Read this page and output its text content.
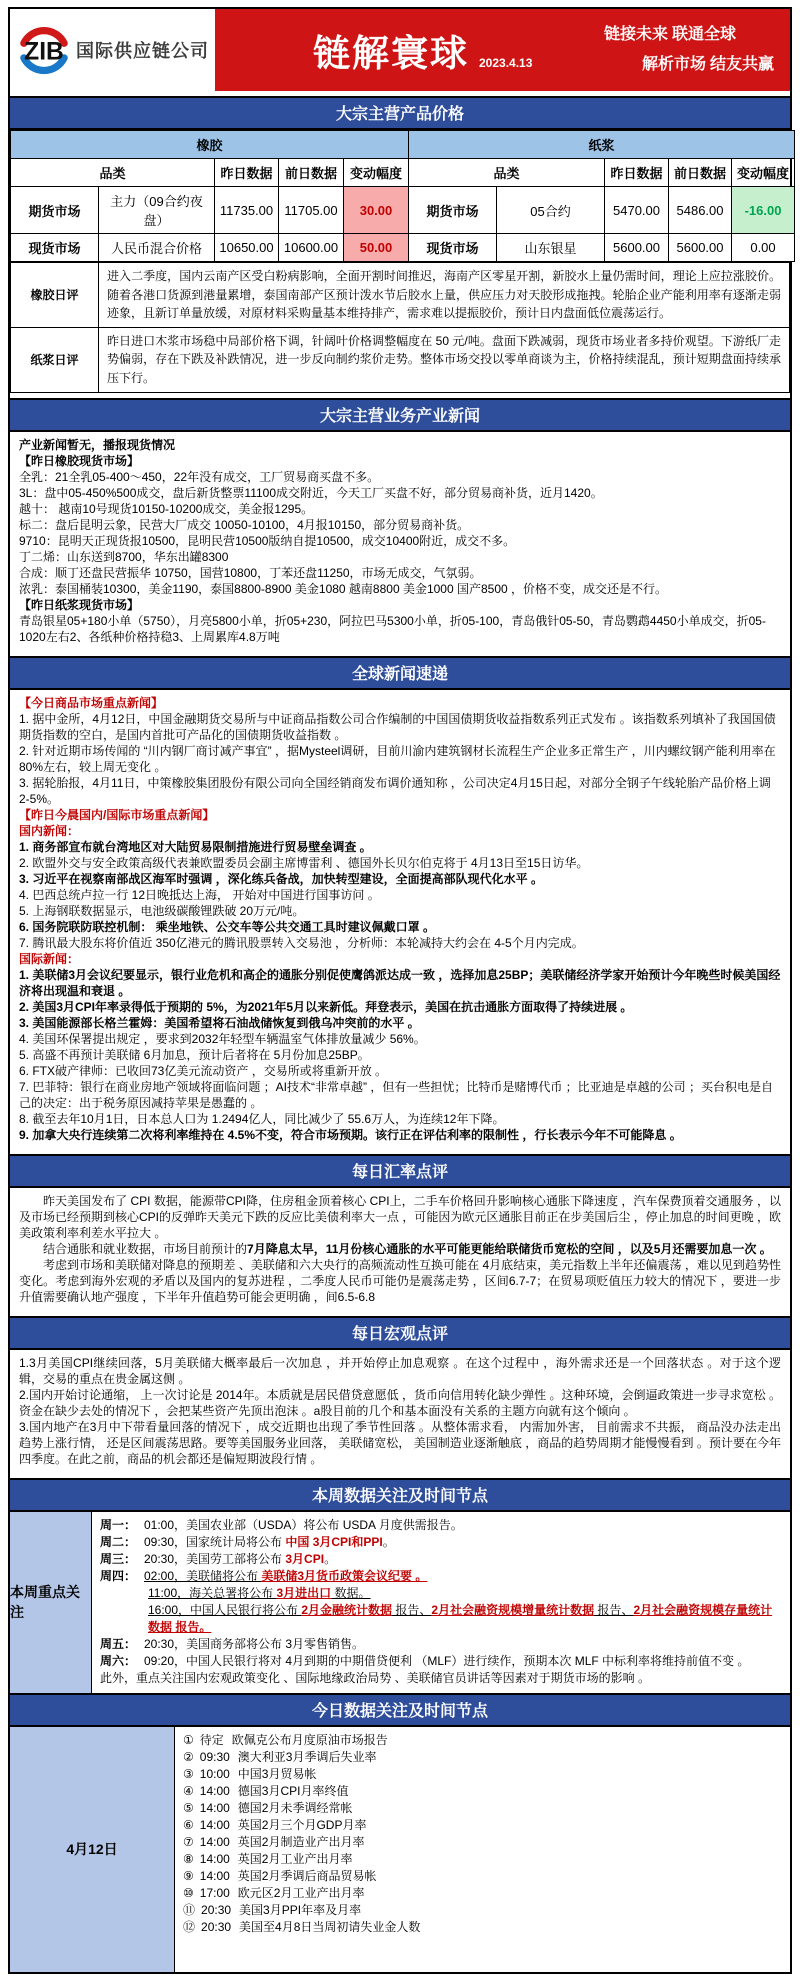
ZIB 国际供应链公司	链解寰球 2023.4.13
链接未来 联通全球
解析市场 结友共赢
大宗主营产品价格
橡胶					纸浆				
品类		昨日数据	前日数据	变动幅度	品类		昨日数据	前日数据	变动幅度
期货市场	主力（09合约夜盘）	11735.00	11705.00	30.00	期货市场	05合约	5470.00	5486.00	-16.00
现货市场	人民币混合价格	10650.00	10600.00	50.00	现货市场	山东银星	5600.00	5600.00	0.00
橡胶日评	进入二季度，国内云南产区受白粉病影响，全面开割时间推迟，海南产区零星开割，新胶水上量仍需时间，理论上应拉涨胶价。随着各港口货源到港量累增，泰国南部产区预计泼水节后胶水上量，供应压力对天胶形成拖拽。轮胎企业产能利用率有逐渐走弱迹象，且新订单量放缓，对原材料采购量基本维持排产，需求难以提振胶价，预计日内盘面低位震荡运行。
纸浆日评	昨日进口木浆市场稳中局部价格下调，针阔叶价格调整幅度在 50 元/吨。盘面下跌减弱，现货市场业者多持价观望。下游纸厂走势偏弱，存在下跌及补跌情况，进一步反向制约浆价走势。整体市场交投以零单商谈为主，价格持续混乱，预计短期盘面持续承压下行。
大宗主营业务产业新闻
产业新闻暂无，播报现货情况
【昨日橡胶现货市场】
全乳：21全乳05-400～450，22年没有成交，工厂贸易商买盘不多。
3L：盘中05-450%500成交，盘后新货整票11100成交附近，今天工厂买盘不好，部分贸易商补货，近月1420。
越十： 越南10号现货10150-10200成交，美金报1295。
标二：盘后昆明云象，民营大厂成交 10050-10100，4月报10150，部分贸易商补货。
9710：昆明天正现货报10500，昆明民营10500版纳自提10500，成交10400附近，成交不多。
丁二烯：山东送到8700，华东出罐8300
合成：顺丁还盘民营振华 10750，国营10800，丁苯还盘11250，市场无成交，气氛弱。
浓乳：泰国桶装10300，美金1190，泰国8800-8900 美金1080 越南8800 美金1000 国产8500 ，价格不变，成交还是不行。
【昨日纸浆现货市场】
青岛银星05+180小单（5750），月亮5800小单，折05+230，阿拉巴马5300小单，折05-100，青岛俄针05-50，青岛鹦鹉4450小单成交，折05-1020左右2、各纸种价格持稳3、上周累库4.8万吨
全球新闻速递
【今日商品市场重点新闻】
1. 据中金所，4月12日，中国金融期货交易所与中证商品指数公司合作编制的中国国债期货收益指数系列正式发布 。该指数系列填补了我国国债期货指数的空白，是国内首批可产品化的国债期货收益指数 。
2. 针对近期市场传闻的 “川内钢厂商讨减产事宜” ，据Mysteel调研，目前川渝内建筑钢材长流程生产企业多正常生产 ，川内螺纹钢产能利用率在80%左右，较上周无变化 。
3. 据轮胎报，4月11日，中策橡胶集团股份有限公司向全国经销商发布调价通知称 ，公司决定4月15日起，对部分全钢子午线轮胎产品价格上调 2-5%。
【昨日今晨国内/国际市场重点新闻】
国内新闻：
1. 商务部宣布就台湾地区对大陆贸易限制措施进行贸易壁垒调查 。
2. 欧盟外交与安全政策高级代表兼欧盟委员会副主席博雷利 、德国外长贝尔伯克将于 4月13日至15日访华。
3. 习近平在视察南部战区海军时强调 ，深化练兵备战，加快转型建设，全面提高部队现代化水平 。
4. 巴西总统卢拉一行 12日晚抵达上海， 开始对中国进行国事访问 。
5. 上海钢联数据显示，电池级碳酸锂跌破 20万元/吨。
6. 国务院联防联控机制： 乘坐地铁、公交车等公共交通工具时建议佩戴口罩 。
7. 腾讯最大股东将价值近 350亿港元的腾讯股票转入交易池 ，分析师：本轮减持大约会在 4-5个月内完成。
国际新闻：
1. 美联储3月会议纪要显示，银行业危机和高企的通胀分别促使鹰鸽派达成一致 ，选择加息25BP；美联储经济学家开始预计今年晚些时候美国经济将出现温和衰退 。
2. 美国3月CPI年率录得低于预期的 5%，为2021年5月以来新低。拜登表示，美国在抗击通胀方面取得了持续进展 。
3. 美国能源部长格兰霍姆：美国希望将石油战储恢复到俄乌冲突前的水平 。
4. 美国环保署提出规定 ，要求到2032年轻型车辆温室气体排放量减少 56%。
5. 高盛不再预计美联储 6月加息，预计后者将在 5月份加息25BP。
6. FTX破产律师：已收回73亿美元流动资产 ，交易所或将重新开放 。
7. 巴菲特：银行在商业房地产领域将面临问题 ；AI技术“非常卓越” ，但有一些担忧；比特币是赌博代币 ；比亚迪是卓越的公司 ；买台积电是自己的决定：出于税务原因减持苹果是愚蠢的 。
8. 截至去年10月1日，日本总人口为 1.2494亿人，同比减少了 55.6万人，为连续12年下降。
9. 加拿大央行连续第二次将利率维持在 4.5%不变，符合市场预期。该行正在评估利率的限制性 ，行长表示今年不可能降息 。
每日汇率点评
昨天美国发布了 CPI 数据，能源带CPI降，住房租金顶着核心 CPI上，二手车价格回升影响核心通胀下降速度 ，汽车保费顶着交通服务 ，以及市场已经预期到核心CPI的反弹昨天美元下跌的反应比美债利率大一点 ，可能因为欧元区通胀目前正在步美国后尘 ，停止加息的时间更晚 ，欧美政策利率利差水平拉大 。
结合通胀和就业数据，市场目前预计的7月降息太早，11月份核心通胀的水平可能更能给联储货币宽松的空间 ，以及5月还需要加息一次 。
考虑到市场和美联储对降息的预期差 、美联储和六大央行的高频流动性互换可能在 4月底结束，美元指数上半年还偏震荡 ，难以见到趋势性变化。考虑到海外宏观的矛盾以及国内的复苏进程 ，二季度人民币可能仍是震荡走势 ，区间6.7-7；在贸易项贬值压力较大的情况下 ，要进一步升值需要确认地产强度 ，下半年升值趋势可能会更明确 ，间6.5-6.8
每日宏观点评
1.3月美国CPI继续回落，5月美联储大概率最后一次加息 ，并开始停止加息观察 。在这个过程中 ，海外需求还是一个回落状态 。对于这个逻辑，交易的重点在贵金属这侧 。
2.国内开始讨论通缩， 上一次讨论是 2014年。本质就是居民借贷意愿低 ，货币向信用转化缺少弹性 。这种环境，会倒逼政策进一步寻求宽松 。资金在缺少去处的情况下 ，会把某些资产先顶出泡沫 。a股目前的几个和基本面没有关系的主题方向就有这个倾向 。
3.国内地产在3月中下带看量回落的情况下 ，成交近期也出现了季节性回落 。从整体需求看， 内需加外害， 目前需求不共振， 商品没办法走出趋势上涨行情， 还是区间震荡思路。要等美国服务业回落， 美联储宽松， 美国制造业逐渐触底 ，商品的趋势周期才能慢慢看到 。预计要在今年四季度。在此之前，商品的机会都还是偏短期波段行情 。
本周数据关注及时间节点
本周重点关注
周一： 01:00，美国农业部（USDA）将公布 USDA 月度供需报告。
周二： 09:30，国家统计局将公布 中国 3月CPI和PPI。
周三： 20:30，美国劳工部将公布 3月CPI。
周四： 02:00，美联储将公布 美联储3月货币政策会议纪要 。
11:00，海关总署将公布 3月进出口 数据。
16:00，中国人民银行将公布 2月金融统计数据 报告、2月社会融资规模增量统计数据 报告、2月社会融资规模存量统计数据 报告。
周五： 20:30，美国商务部将公布 3月零售销售。
周六： 09:20，中国人民银行将对 4月到期的中期借贷便利 （MLF）进行续作，预期本次 MLF 中标利率将维持前值不变 。
此外，重点关注国内宏观政策变化 、国际地缘政治局势 、美联储官员讲话等因素对于期货市场的影响 。
今日数据关注及时间节点
4月12日
① 待定 欧佩克公布月度原油市场报告
② 09:30 澳大利亚3月季调后失业率
③ 10:00 中国3月贸易帐
④ 14:00 德国3月CPI月率终值
⑤ 14:00 德国2月未季调经常帐
⑥ 14:00 英国2月三个月GDP月率
⑦ 14:00 英国2月制造业产出月率
⑧ 14:00 英国2月工业产出月率
⑨ 14:00 英国2月季调后商品贸易帐
⑩ 17:00 欧元区2月工业产出月率
⑪ 20:30 美国3月PPI年率及月率
⑫ 20:30 美国至4月8日当周初请失业金人数
